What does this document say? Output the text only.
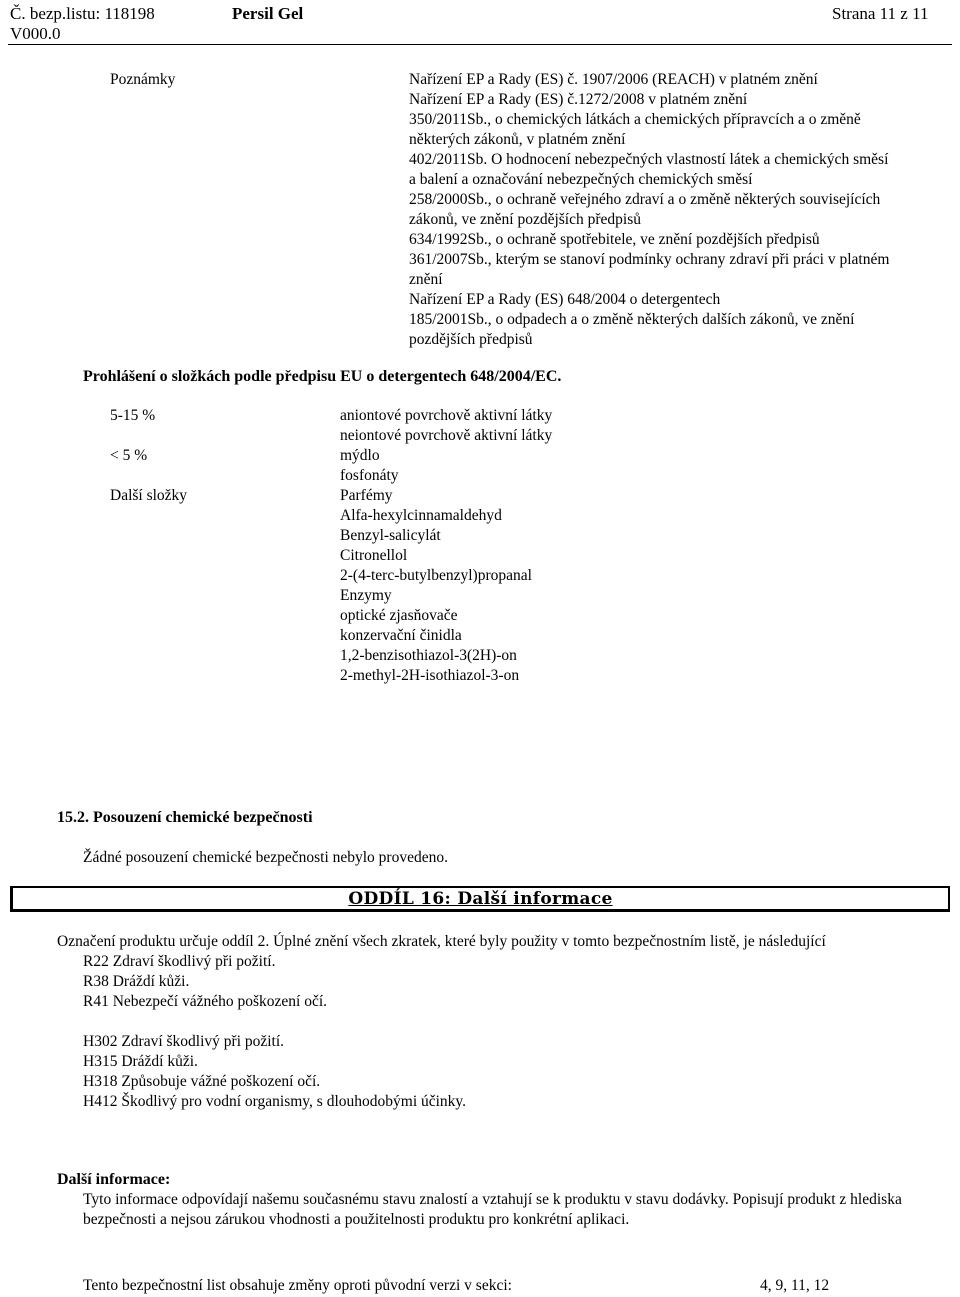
Č. bezp.listu: 118198
V000.0
Persil Gel	Strana 11 z 11
Poznámky	Nařízení EP a Rady (ES) č. 1907/2006 (REACH) v platném znění
Nařízení EP a Rady (ES) č.1272/2008 v platném znění
350/2011Sb., o chemických látkách a chemických přípravcích a o změně
některých zákonů, v platném znění
402/2011Sb. O hodnocení nebezpečných vlastností látek a chemických směsí
a balení a označování nebezpečných chemických směsí
258/2000Sb., o ochraně veřejného zdraví a o změně některých souvisejících
zákonů, ve znění pozdějších předpisů
634/1992Sb., o ochraně spotřebitele, ve znění pozdějších předpisů
361/2007Sb., kterým se stanoví podmínky ochrany zdraví při práci v platném
znění
Nařízení EP a Rady (ES) 648/2004 o detergentech
185/2001Sb., o odpadech a o změně některých dalších zákonů, ve znění
pozdějších předpisů
Prohlášení o složkách podle předpisu EU o detergentech 648/2004/EC.
5-15 %	aniontové povrchově aktivní látky
neiontové povrchově aktivní látky
< 5 %	mýdlo
fosfonáty
Další složky	Parfémy
Alfa-hexylcinnamaldehyd
Benzyl-salicylát
Citronellol
2-(4-terc-butylbenzyl)propanal
Enzymy
optické zjasňovače
konzervační činidla
1,2-benzisothiazol-3(2H)-on
2-methyl-2H-isothiazol-3-on
15.2. Posouzení chemické bezpečnosti
Žádné posouzení chemické bezpečnosti nebylo provedeno.
ODDÍL 16: Další informace
Označení produktu určuje oddíl 2. Úplné znění všech zkratek, které byly použity v tomto bezpečnostním listě, je následující
R22 Zdraví škodlivý při požití.
R38 Dráždí kůži.
R41 Nebezpečí vážného poškození očí.
H302 Zdraví škodlivý při požití.
H315 Dráždí kůži.
H318 Způsobuje vážné poškození očí.
H412 Škodlivý pro vodní organismy, s dlouhodobými účinky.
Další informace:
Tyto informace odpovídají našemu současnému stavu znalostí a vztahují se k produktu v stavu dodávky. Popisují produkt z hlediska bezpečnosti a nejsou zárukou vhodnosti a použitelnosti produktu pro konkrétní aplikaci.
Tento bezpečnostní list obsahuje změny oproti původní verzi v sekci:	4, 9, 11, 12
